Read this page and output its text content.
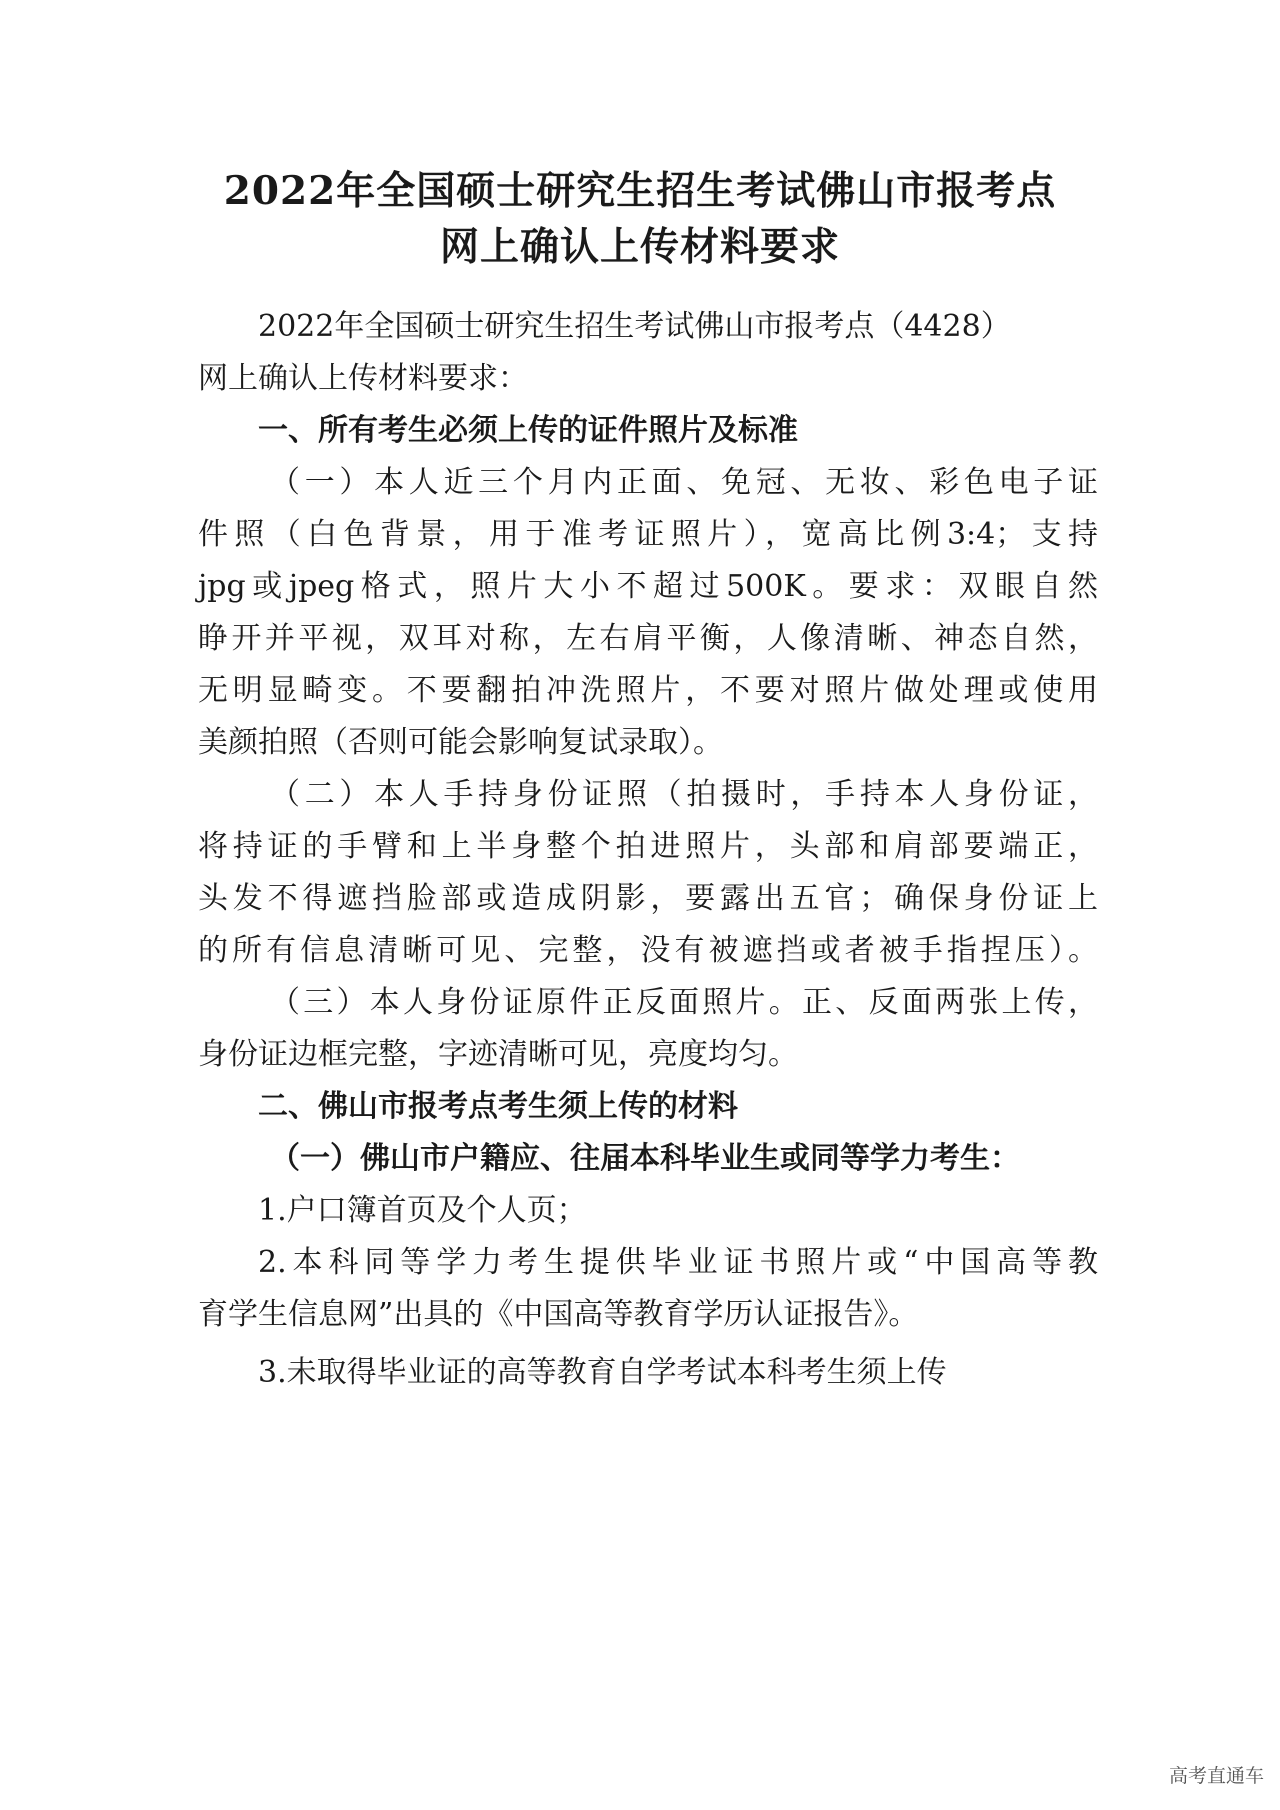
2022年全国硕士研究生招生考试佛山市报考点
网上确认上传材料要求
2022年全国硕士研究生招生考试佛山市报考点（4428）
网上确认上传材料要求：
一、所有考生必须上传的证件照片及标准
（一）本人近三个月内正面、免冠、无妆、彩色电子证
件照（白色背景，用于准考证照片），宽高比例3:4；支持
jpg或jpeg格式，照片大小不超过500K。要求：双眼自然
睁开并平视，双耳对称，左右肩平衡，人像清晰、神态自然，
无明显畸变。不要翻拍冲洗照片，不要对照片做处理或使用
美颜拍照（否则可能会影响复试录取）。
（二）本人手持身份证照（拍摄时，手持本人身份证，
将持证的手臂和上半身整个拍进照片，头部和肩部要端正，
头发不得遮挡脸部或造成阴影，要露出五官；确保身份证上
的所有信息清晰可见、完整，没有被遮挡或者被手指捏压）。
（三）本人身份证原件正反面照片。正、反面两张上传，
身份证边框完整，字迹清晰可见，亮度均匀。
二、佛山市报考点考生须上传的材料
（一）佛山市户籍应、往届本科毕业生或同等学力考生：
1.户口簿首页及个人页；
2.本科同等学力考生提供毕业证书照片或“中国高等教
育学生信息网”出具的《中国高等教育学历认证报告》。
3.未取得毕业证的高等教育自学考试本科考生须上传
高考直通车
